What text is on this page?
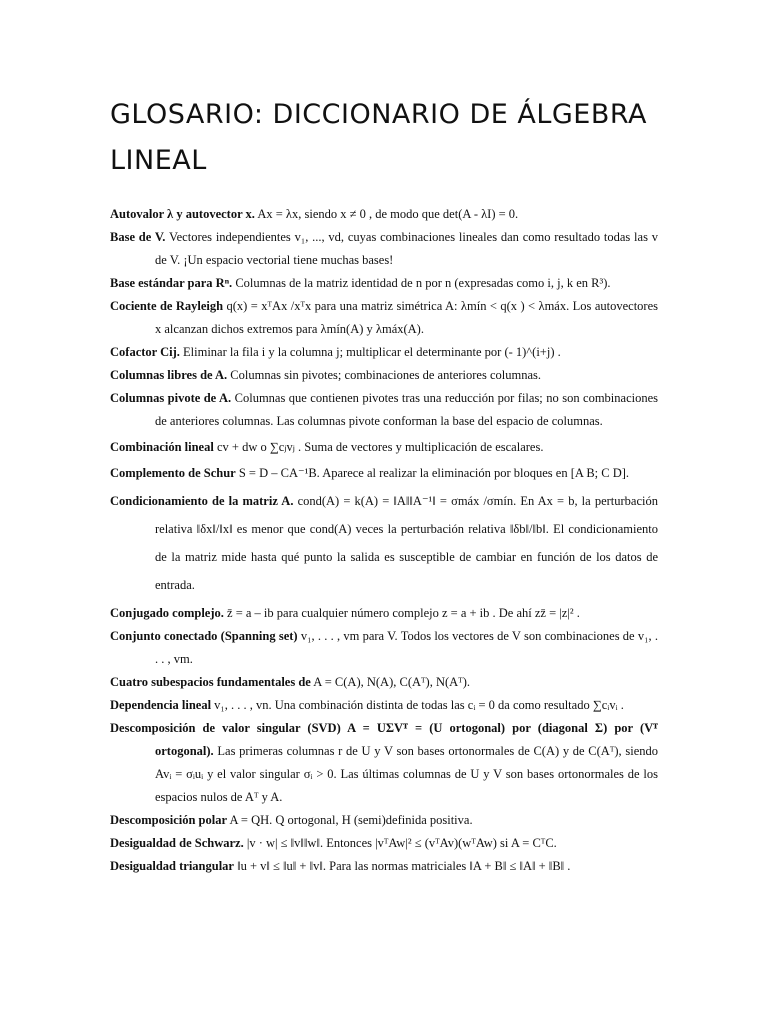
GLOSARIO: DICCIONARIO DE ÁLGEBRA LINEAL
Autovalor λ y autovector x. Ax = λx, siendo x ≠ 0 , de modo que det(A - λI) = 0.
Base de V. Vectores independientes v₁, ..., vd, cuyas combinaciones lineales dan como resultado todas las v de V. ¡Un espacio vectorial tiene muchas bases!
Base estándar para Rⁿ. Columnas de la matriz identidad de n por n (expresadas como i, j, k en R³).
Cociente de Rayleigh q(x) = xᵀAx /xᵀx para una matriz simétrica A: λmín < q(x ) < λmáx. Los autovectores x alcanzan dichos extremos para λmín(A) y λmáx(A).
Cofactor Cij. Eliminar la fila i y la columna j; multiplicar el determinante por (- 1)^(i+j) .
Columnas libres de A. Columnas sin pivotes; combinaciones de anteriores columnas.
Columnas pivote de A. Columnas que contienen pivotes tras una reducción por filas; no son combinaciones de anteriores columnas. Las columnas pivote conforman la base del espacio de columnas.
Combinación lineal cv + dw o ∑cⱼvⱼ . Suma de vectores y multiplicación de escalares.
Complemento de Schur S = D – CA⁻¹B. Aparece al realizar la eliminación por bloques en [A B; C D].
Condicionamiento de la matriz A. cond(A) = k(A) = ‖A‖‖A⁻¹‖ = σmáx /σmín. En Ax = b, la perturbación relativa ‖δx‖/‖x‖ es menor que cond(A) veces la perturbación relativa ‖δb‖/‖b‖. El condicionamiento de la matriz mide hasta qué punto la salida es susceptible de cambiar en función de los datos de entrada.
Conjugado complejo. z̄ = a – ib para cualquier número complejo z = a + ib . De ahí zz̄ = |z|² .
Conjunto conectado (Spanning set) v₁, . . . , vm para V. Todos los vectores de V son combinaciones de v₁, . . . , vm.
Cuatro subespacios fundamentales de A = C(A), N(A), C(Aᵀ), N(Aᵀ).
Dependencia lineal v₁, . . . , vn. Una combinación distinta de todas las cᵢ = 0 da como resultado ∑cᵢvᵢ .
Descomposición de valor singular (SVD) A = UΣVᵀ = (U ortogonal) por (diagonal Σ) por (Vᵀ ortogonal). Las primeras columnas r de U y V son bases ortonormales de C(A) y de C(Aᵀ), siendo Avᵢ = σᵢuᵢ y el valor singular σᵢ > 0. Las últimas columnas de U y V son bases ortonormales de los espacios nulos de Aᵀ y A.
Descomposición polar A = QH. Q ortogonal, H (semi)definida positiva.
Desigualdad de Schwarz. |v · w| ≤ ‖v‖‖w‖. Entonces |vᵀAw|² ≤ (vᵀAv)(wᵀAw) si A = CᵀC.
Desigualdad triangular ‖u + v‖ ≤ ‖u‖ + ‖v‖. Para las normas matriciales ‖A + B‖ ≤ ‖A‖ + ‖B‖ .
